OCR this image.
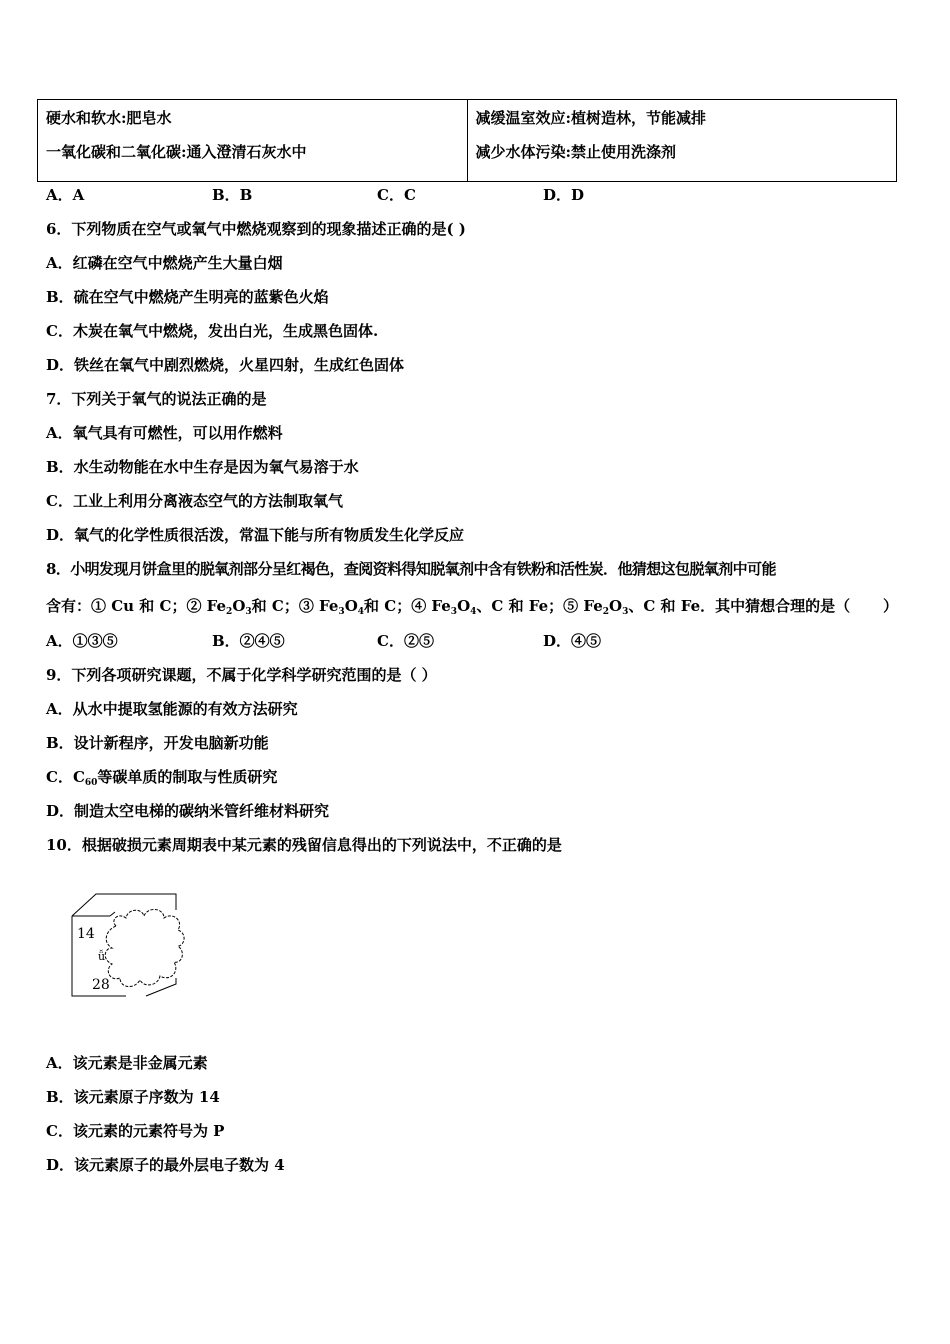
硬水和软水:肥皂水
一氧化碳和二氧化碳:通入澄清石灰水中

减缓温室效应:植树造林，节能减排
减少水体污染:禁止使用洗涤剂
A．A	B．B	C．C	D．D
6．下列物质在空气或氧气中燃烧观察到的现象描述正确的是( )
A．红磷在空气中燃烧产生大量白烟
B．硫在空气中燃烧产生明亮的蓝紫色火焰
C．木炭在氧气中燃烧，发出白光，生成黑色固体.
D．铁丝在氧气中剧烈燃烧，火星四射，生成红色固体
7．下列关于氧气的说法正确的是
A．氧气具有可燃性，可以用作燃料
B．水生动物能在水中生存是因为氧气易溶于水
C．工业上利用分离液态空气的方法制取氧气
D．氧气的化学性质很活泼，常温下能与所有物质发生化学反应
8．小明发现月饼盒里的脱氧剂部分呈红褐色，查阅资料得知脱氧剂中含有铁粉和活性炭．他猜想这包脱氧剂中可能
含有：① Cu 和 C；② $Fe_2O_3$和 C；③ $Fe_3O_4$和 C；④ $Fe_3O_4$、C 和 Fe；⑤ $Fe_2O_3$、C 和 Fe．其中猜想合理的是（ ）
A．①③⑤	B．②④⑤	C．②⑤	D．④⑤
9．下列各项研究课题，不属于化学科学研究范围的是（ ）
A．从水中提取氢能源的有效方法研究
B．设计新程序，开发电脑新功能
C．$C_{60}$等碳单质的制取与性质研究
D．制造太空电梯的碳纳米管纤维材料研究
10．根据破损元素周期表中某元素的残留信息得出的下列说法中，不正确的是
14
ǚ
28
A．该元素是非金属元素
B．该元素原子序数为 14
C．该元素的元素符号为 P
D．该元素原子的最外层电子数为 4
